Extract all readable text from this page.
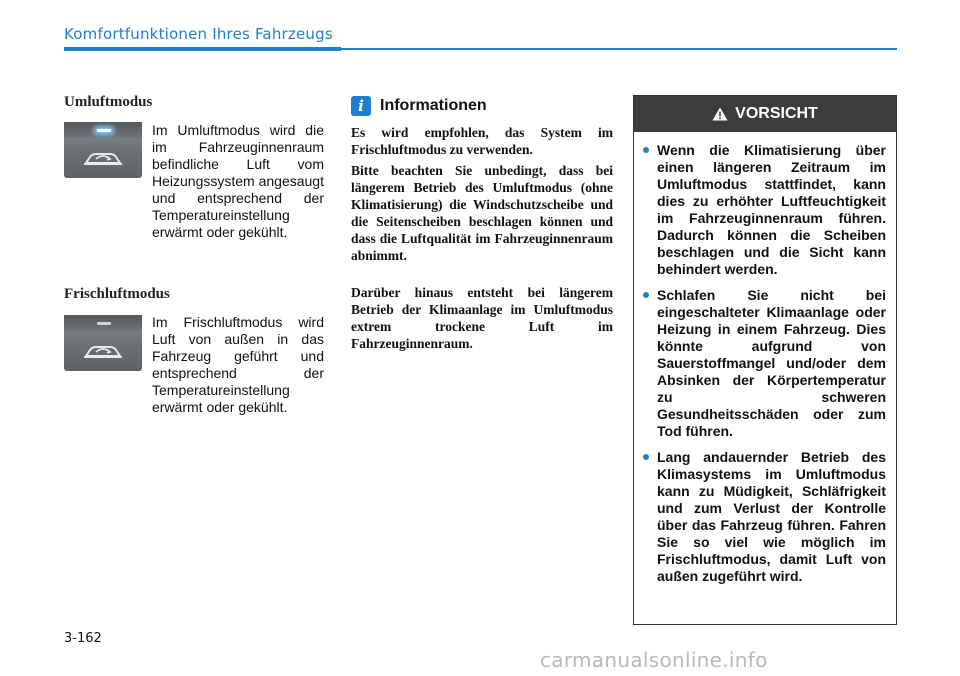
Komfortfunktionen Ihres Fahrzeugs
Umluftmodus
Im Umluftmodus wird die im Fahrzeuginnenraum befindliche Luft vom Heizungssystem angesaugt und entsprechend der Temperatureinstellung erwärmt oder gekühlt.
Frischluftmodus
Im Frischluftmodus wird Luft von außen in das Fahrzeug geführt und entsprechend der Temperatureinstellung erwärmt oder gekühlt.
i	Informationen

Es wird empfohlen, das System im Frischluftmodus zu verwenden.

Bitte beachten Sie unbedingt, dass bei längerem Betrieb des Umluftmodus (ohne Klimatisierung) die Windschutzscheibe und die Seitenscheiben beschlagen können und dass die Luftqualität im Fahrzeuginnenraum abnimmt.

Darüber hinaus entsteht bei längerem Betrieb der Klimaanlage im Umluftmodus extrem trockene Luft im Fahrzeuginnenraum.

VORSICHT
Wenn die Klimatisierung über einen längeren Zeitraum im Umluftmodus stattfindet, kann dies zu erhöhter Luftfeuchtigkeit im Fahrzeuginnenraum führen. Dadurch können die Scheiben beschlagen und die Sicht kann behindert werden.
Schlafen Sie nicht bei eingeschalteter Klimaanlage oder Heizung in einem Fahrzeug. Dies könnte aufgrund von Sauerstoffmangel und/oder dem Absinken der Körpertemperatur zu schweren Gesundheitsschäden oder zum Tod führen.
Lang andauernder Betrieb des Klimasystems im Umluftmodus kann zu Müdigkeit, Schläfrigkeit und zum Verlust der Kontrolle über das Fahrzeug führen. Fahren Sie so viel wie möglich im Frischluftmodus, damit Luft von außen zugeführt wird.
3-162
carmanualsonline.info
